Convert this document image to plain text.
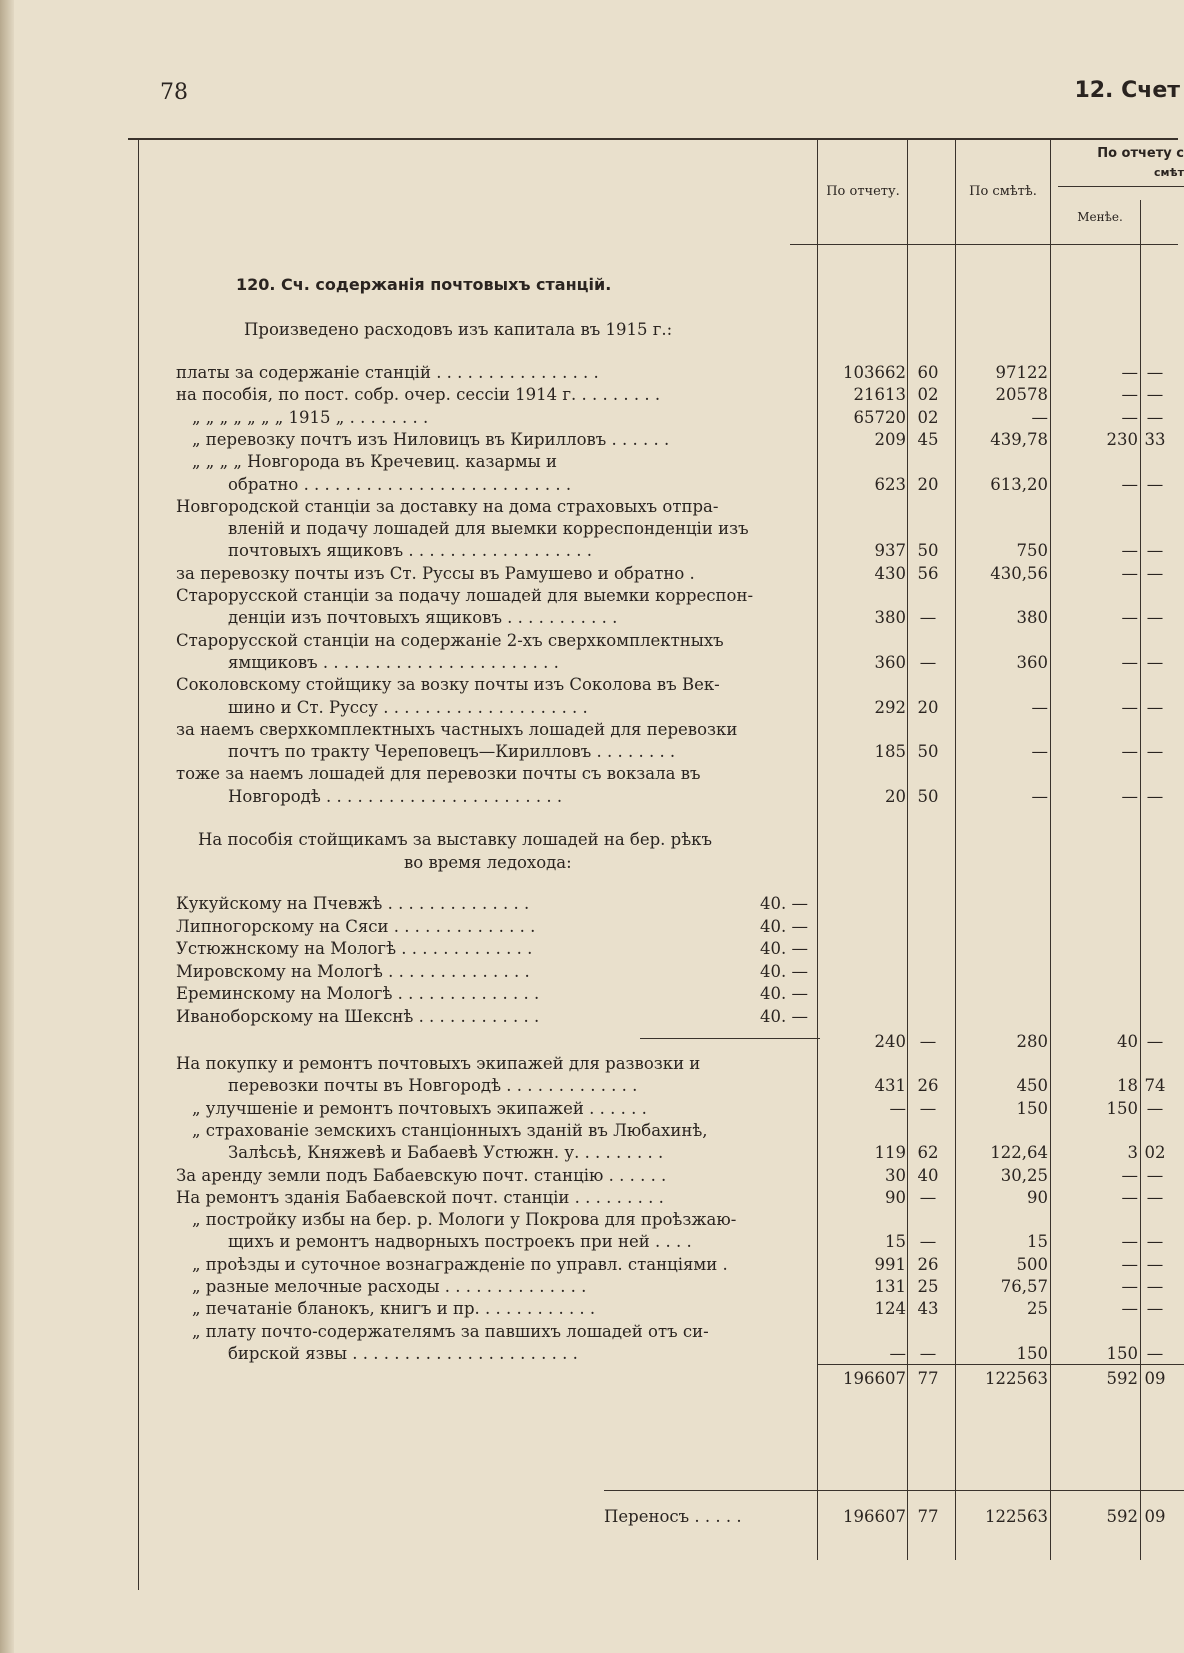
78	12. Счет
По отчету.	По смѣтѣ.
По отчету с
смѣт
Менѣе.
120. Сч. содержанія почтовыхъ станцій.
Произведено расходовъ изъ капитала въ 1915 г.:
платы за содержаніе станцій . . . . . . . . . . . . . . . .	103662 60	97122	— —
на пособія, по пост. собр. очер. сессіи 1914 г. . . . . . . . .	21613 02	20578	— —
„ „ „ „ „ „ „ 1915 „ . . . . . . . .	65720 02	—	— —
„ перевозку почтъ изъ Ниловицъ въ Кирилловъ . . . . . .	209 45	439,78	230 33
„ „ „ „ Новгорода въ Кречевиц. казармы и
обратно . . . . . . . . . . . . . . . . . . . . . . . . . .	623 20	613,20	— —
Новгородской станціи за доставку на дома страховыхъ отпра-
вленій и подачу лошадей для выемки корреспонденціи изъ
почтовыхъ ящиковъ . . . . . . . . . . . . . . . . . .	937 50	750	— —
за перевозку почты изъ Ст. Руссы въ Рамушево и обратно .	430 56	430,56	— —
Старорусской станціи за подачу лошадей для выемки корреспон-
денціи изъ почтовыхъ ящиковъ . . . . . . . . . . .	380 —	380	— —
Старорусской станціи на содержаніе 2-хъ сверхкомплектныхъ
ямщиковъ . . . . . . . . . . . . . . . . . . . . . . .	360 —	360	— —
Соколовскому стойщику за возку почты изъ Соколова въ Век-
шино и Ст. Руссу . . . . . . . . . . . . . . . . . . . .	292 20	—	— —
за наемъ сверхкомплектныхъ частныхъ лошадей для перевозки
почтъ по тракту Череповецъ—Кирилловъ . . . . . . . .	185 50	—	— —
тоже за наемъ лошадей для перевозки почты съ вокзала въ
Новгородѣ . . . . . . . . . . . . . . . . . . . . . . .	20 50	—	— —
На пособія стойщикамъ за выставку лошадей на бер. рѣкъ
во время ледохода:
Кукуйскому на Пчевжѣ . . . . . . . . . . . . . .	40. —
Липногорскому на Сяси . . . . . . . . . . . . . .	40. —
Устюжнскому на Мологѣ . . . . . . . . . . . . .	40. —
Мировскому на Мологѣ . . . . . . . . . . . . . .	40. —
Ереминскому на Мологѣ . . . . . . . . . . . . . .	40. —
Иваноборскому на Шекснѣ . . . . . . . . . . . .	40. —
240 —	280	40 —
На покупку и ремонтъ почтовыхъ экипажей для развозки и
перевозки почты въ Новгородѣ . . . . . . . . . . . . .	431 26	450	18 74
„ улучшеніе и ремонтъ почтовыхъ экипажей . . . . . .	— —	150	150 —
„ страхованіе земскихъ станціонныхъ зданій въ Любахинѣ,
Залѣсьѣ, Княжевѣ и Бабаевѣ Устюжн. у. . . . . . . . .	119 62	122,64	3 02
За аренду земли подъ Бабаевскую почт. станцію . . . . . .	30 40	30,25	— —
На ремонтъ зданія Бабаевской почт. станціи . . . . . . . . .	90 —	90	— —
„ постройку избы на бер. р. Мологи у Покрова для проѣзжаю-
щихъ и ремонтъ надворныхъ построекъ при ней . . . .	15 —	15	— —
„ проѣзды и суточное вознагражденіе по управл. станціями .	991 26	500	— —
„ разные мелочные расходы . . . . . . . . . . . . . .	131 25	76,57	— —
„ печатаніе бланокъ, книгъ и пр. . . . . . . . . . . .	124 43	25	— —
„ плату почто-содержателямъ за павшихъ лошадей отъ си-
бирской язвы . . . . . . . . . . . . . . . . . . . . . .	— —	150	150 —
196607 77	122563	592 09
Переносъ . . . . .	196607 77	122563	592 09
